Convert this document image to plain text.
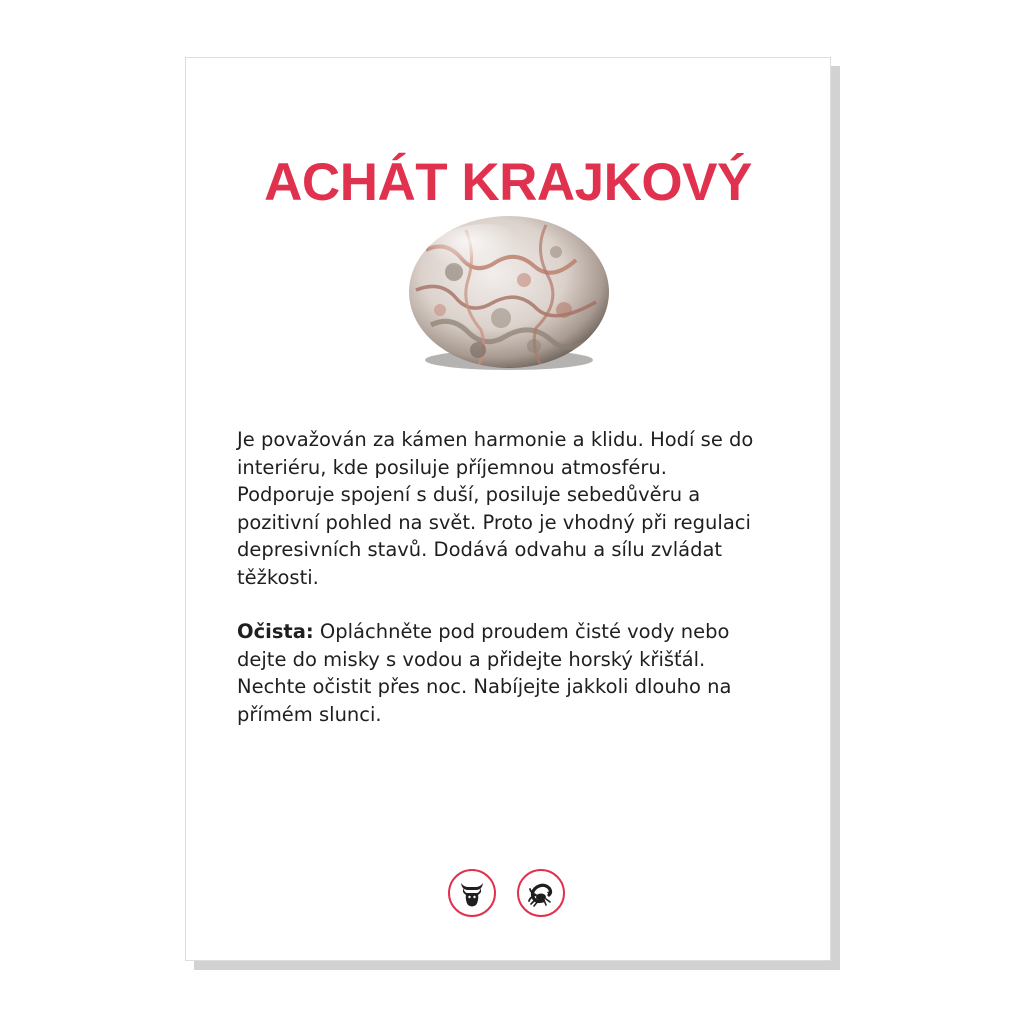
ACHÁT KRAJKOVÝ

Je považován za kámen harmonie a klidu. Hodí se do
interiéru, kde posiluje příjemnou atmosféru.
Podporuje spojení s duší, posiluje sebedůvěru a
pozitivní pohled na svět. Proto je vhodný při regulaci
depresivních stavů. Dodává odvahu a sílu zvládat
těžkosti.

Očista: Opláchněte pod proudem čisté vody nebo
dejte do misky s vodou a přidejte horský křišťál.
Nechte očistit přes noc. Nabíjejte jakkoli dlouho na
přímém slunci.
